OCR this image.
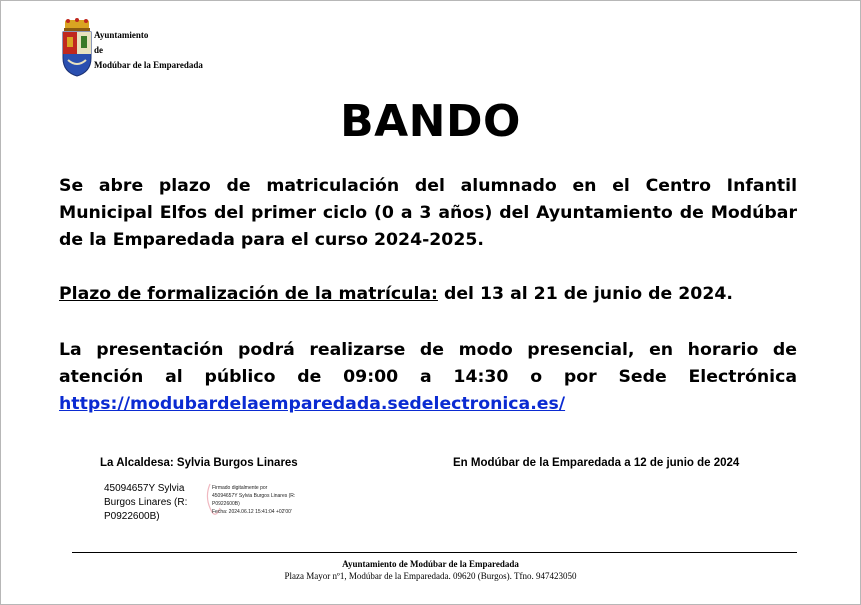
Ayuntamiento
de
Modúbar de la Emparedada
BANDO
Se abre plazo de matriculación del alumnado en el Centro Infantil Municipal Elfos del primer ciclo (0 a 3 años) del Ayuntamiento de Modúbar de la Emparedada para el curso 2024-2025.
Plazo de formalización de la matrícula: del 13 al 21 de junio de 2024.
La presentación podrá realizarse de modo presencial, en horario de atención al público de 09:00 a 14:30 o por Sede Electrónica
https://modubardelaemparedada.sedelectronica.es/
La Alcaldesa: Sylvia Burgos Linares	En Modúbar de la Emparedada a 12 de junio de 2024
45094657Y Sylvia Burgos Linares (R: P0922600B)
Firmado digitalmente por
45094657Y Sylvia Burgos Linares (R: P0922600B)
Fecha: 2024.06.12 15:41:04 +02'00'
Ayuntamiento de Modúbar de la Emparedada
Plaza Mayor nº1, Modúbar de la Emparedada. 09620 (Burgos). Tfno. 947423050
